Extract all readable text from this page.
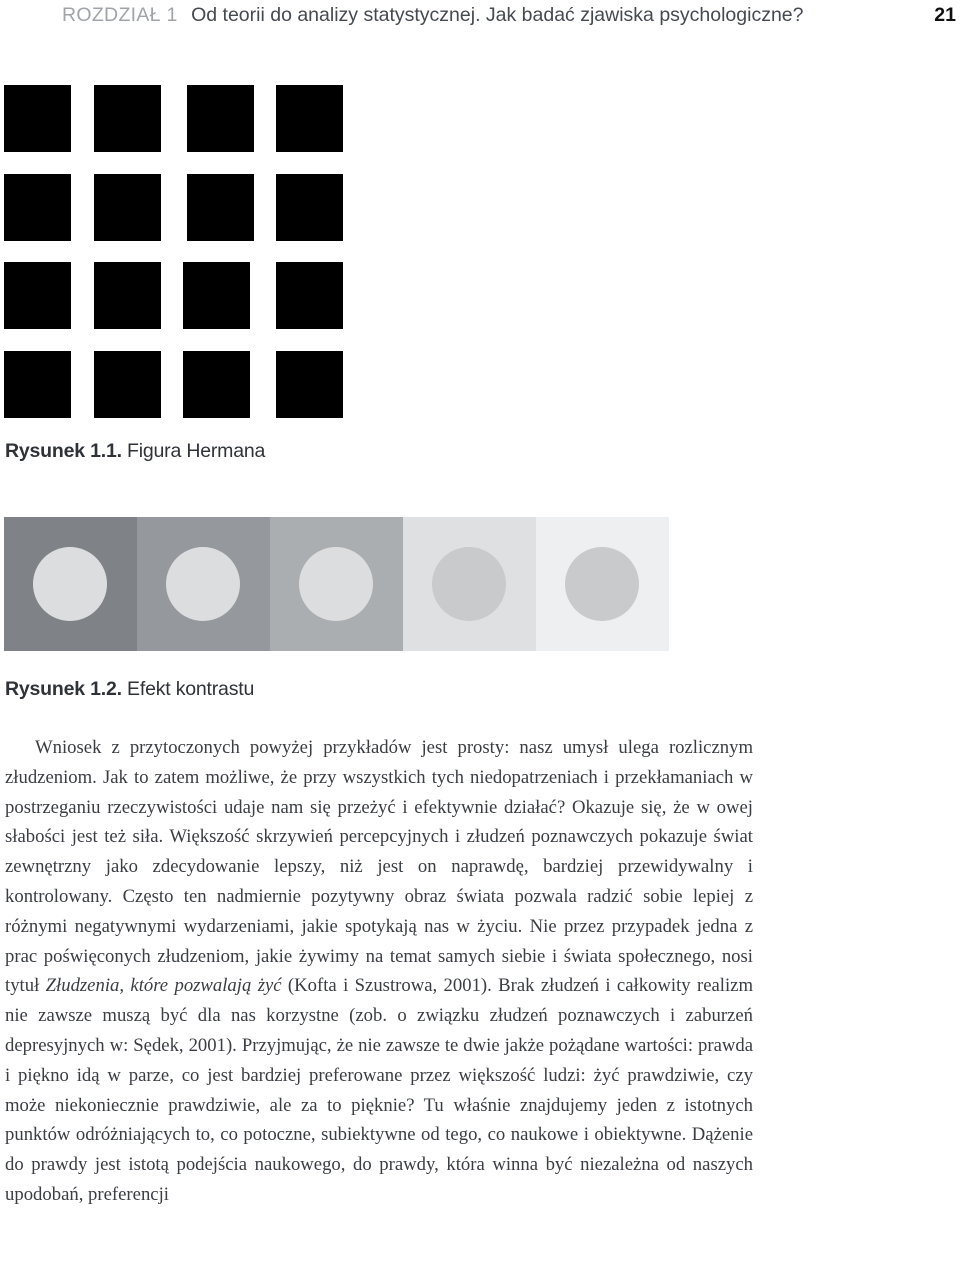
ROZDZIAŁ 1 Od teorii do analizy statystycznej. Jak badać zjawiska psychologiczne?	21
Rysunek 1.1. Figura Hermana
Rysunek 1.2. Efekt kontrastu

Wniosek z przytoczonych powyżej przykładów jest prosty: nasz umysł ulega rozlicznym złudzeniom. Jak to zatem możliwe, że przy wszystkich tych niedopatrzeniach i przekłamaniach w postrzeganiu rzeczywistości udaje nam się przeżyć i efektywnie działać? Okazuje się, że w owej słabości jest też siła. Większość skrzywień percepcyjnych i złudzeń poznawczych pokazuje świat zewnętrzny jako zdecydowanie lepszy, niż jest on naprawdę, bardziej przewidywalny i kontrolowany. Często ten nadmiernie pozytywny obraz świata pozwala radzić sobie lepiej z różnymi negatywnymi wydarzeniami, jakie spotykają nas w życiu. Nie przez przypadek jedna z prac poświęconych złudzeniom, jakie żywimy na temat samych siebie i świata społecznego, nosi tytuł Złudzenia, które pozwalają żyć (Kofta i Szustrowa, 2001). Brak złudzeń i całkowity realizm nie zawsze muszą być dla nas korzystne (zob. o związku złudzeń poznawczych i zaburzeń depresyjnych w: Sędek, 2001). Przyjmując, że nie zawsze te dwie jakże pożądane wartości: prawda i piękno idą w parze, co jest bardziej preferowane przez większość ludzi: żyć prawdziwie, czy może niekoniecznie prawdziwie, ale za to pięknie? Tu właśnie znajdujemy jeden z istotnych punktów odróżniających to, co potoczne, subiektywne od tego, co naukowe i obiektywne. Dążenie do prawdy jest istotą podejścia naukowego, do prawdy, która winna być niezależna od naszych upodobań, preferencji
